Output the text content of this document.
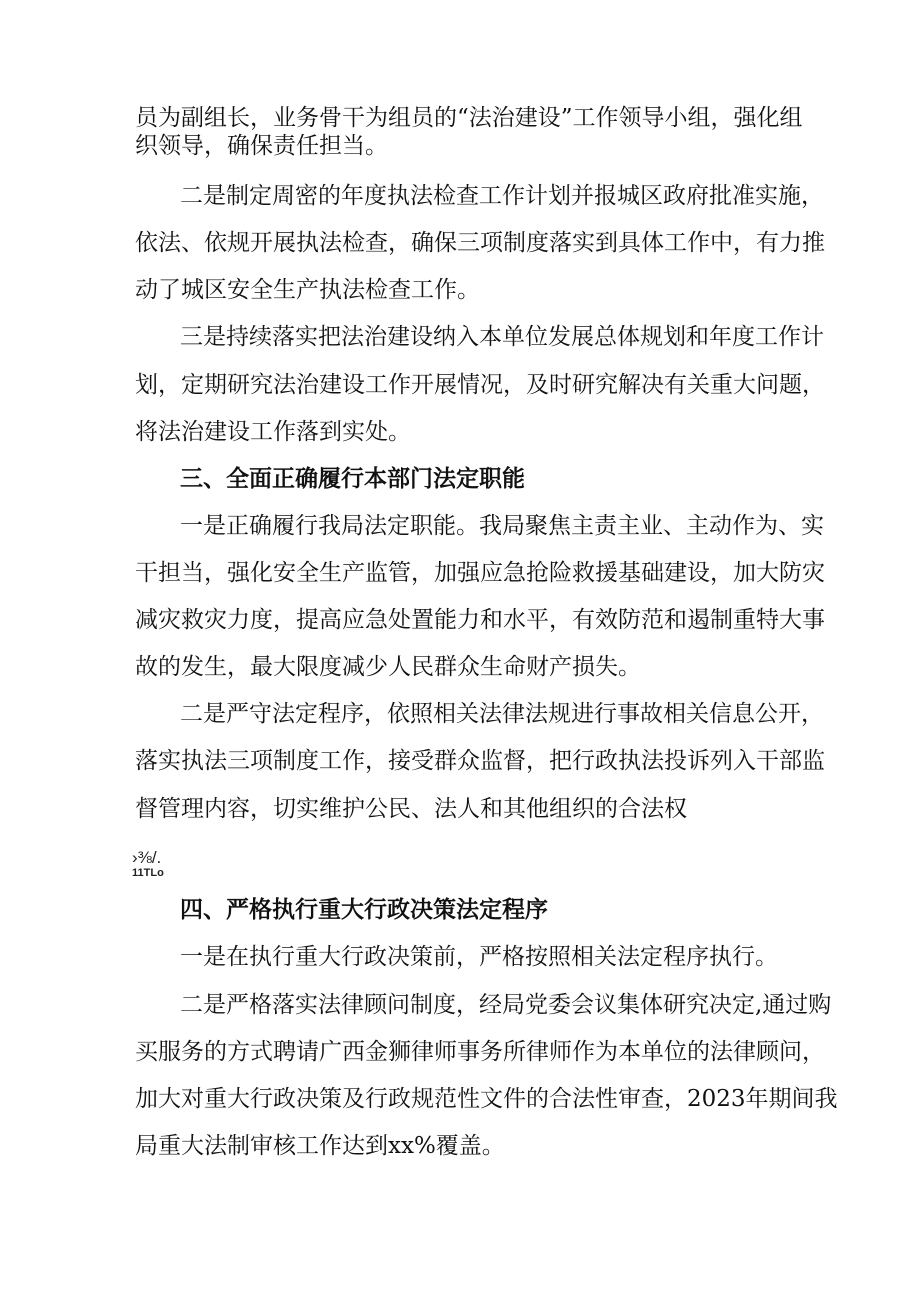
员为副组长，业务骨干为组员的“法治建设”工作领导小组，强化组
织领导，确保责任担当。
二是制定周密的年度执法检查工作计划并报城区政府批准实施，
依法、依规开展执法检查，确保三项制度落实到具体工作中，有力推
动了城区安全生产执法检查工作。
三是持续落实把法治建设纳入本单位发展总体规划和年度工作计
划，定期研究法治建设工作开展情况，及时研究解决有关重大问题，
将法治建设工作落到实处。
三、全面正确履行本部门法定职能
一是正确履行我局法定职能。我局聚焦主责主业、主动作为、实
干担当，强化安全生产监管，加强应急抢险救援基础建设，加大防灾
减灾救灾力度，提高应急处置能力和水平，有效防范和遏制重特大事
故的发生，最大限度减少人民群众生命财产损失。
二是严守法定程序，依照相关法律法规进行事故相关信息公开，
落实执法三项制度工作，接受群众监督，把行政执法投诉列入干部监
督管理内容，切实维护公民、法人和其他组织的合法权
›⅜/.
11TLo
四、严格执行重大行政决策法定程序
一是在执行重大行政决策前，严格按照相关法定程序执行。
二是严格落实法律顾问制度，经局党委会议集体研究决定,通过购
买服务的方式聘请广西金狮律师事务所律师作为本单位的法律顾问，
加大对重大行政决策及行政规范性文件的合法性审查，2023年期间我
局重大法制审核工作达到xx%覆盖。
